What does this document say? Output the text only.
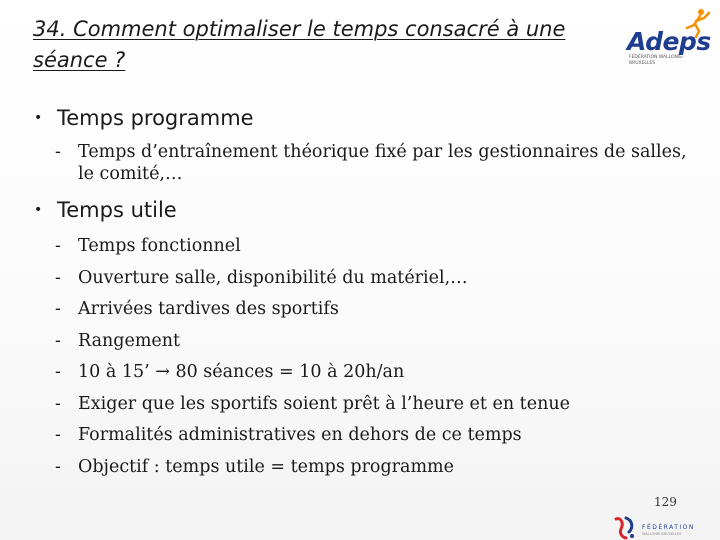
34. Comment optimaliser le temps consacré à une séance ?
Adeps
FÉDÉRATION WALLONIE-BRUXELLES
• Temps programme
- Temps d’entraînement théorique fixé par les gestionnaires de salles, le comité,…
• Temps utile
- Temps fonctionnel
- Ouverture salle, disponibilité du matériel,…
- Arrivées tardives des sportifs
- Rangement
- 10 à 15’ → 80 séances = 10 à 20h/an
- Exiger que les sportifs soient prêt à l’heure et en tenue
- Formalités administratives en dehors de ce temps
- Objectif : temps utile = temps programme
129
FÉDÉRATION
WALLONIE-BRUXELLES
